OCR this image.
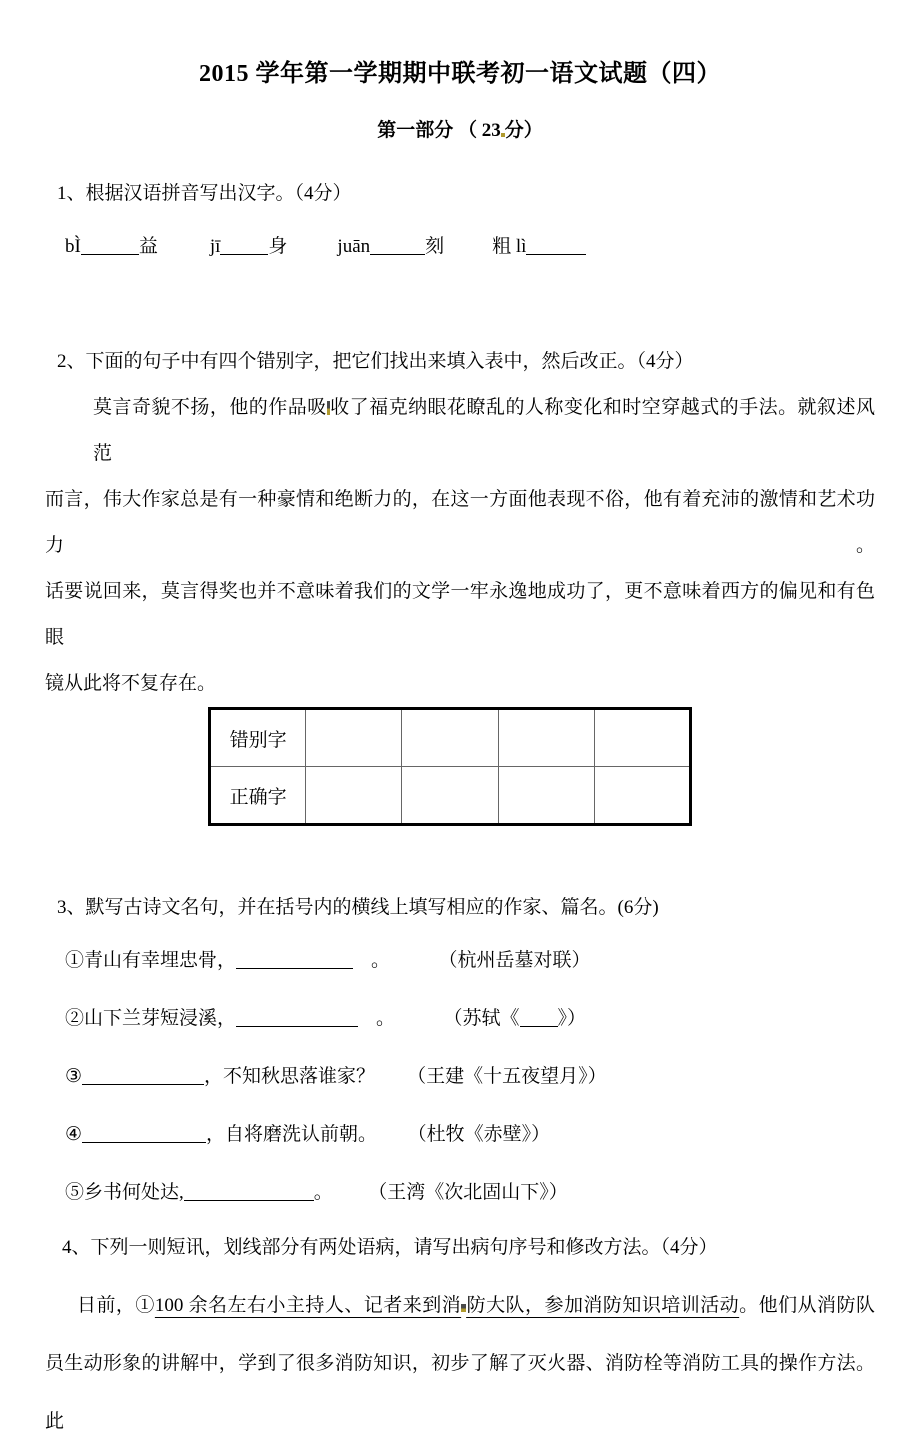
2015 学年第一学期期中联考初一语文试题（四）
第一部分 （ 23 分）
1、根据汉语拼音写出汉字。（4分）
bÌ	益	jī	身	juān	刻	粗 lì
2、下面的句子中有四个错别字，把它们找出来填入表中，然后改正。（4分）
莫言奇貌不扬，他的作品吸 收了福克纳眼花瞭乱的人称变化和时空穿越式的手法。就叙述风范
而言，伟大作家总是有一种豪情和绝断力的，在这一方面他表现不俗，他有着充沛的激情和艺术功力。
话要说回来，莫言得奖也并不意味着我们的文学一牢永逸地成功了，更不意味着西方的偏见和有色眼
镜从此将不复存在。
错别字				
正确字				
3、默写古诗文名句，并在括号内的横线上填写相应的作家、篇名。(6分)
①青山有幸埋忠骨，	。	（杭州岳墓对联）
②山下兰芽短浸溪，	。	（苏轼《 》）
③	，不知秋思落谁家？ （王建《十五夜望月》）
④	，自将磨洗认前朝。 （杜牧《赤壁》）
⑤乡书何处达,	。 （王湾《次北固山下》）
4、下列一则短讯，划线部分有两处语病，请写出病句序号和修改方法。（4分）
日前，①100 余名左右小主持人、记者来到消 防大队，参加消防知识培训活动。他们从消防队
员生动形象的讲解中，学到了很多消防知识，初步了解了灭火器、消防栓等消防工具的操作方法。此
